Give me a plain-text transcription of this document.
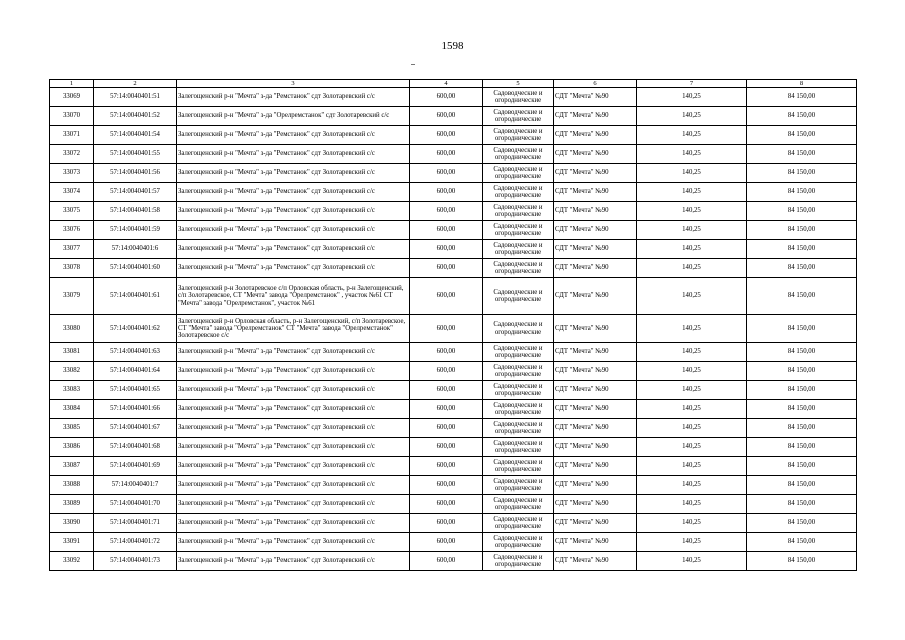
1598
1	2	3	4	5	6	7	8
33069	57:14:0040401:51	Залегощенский р-н "Мечта" з-да "Ремстанок" сдт Золотаревский с/с	600,00	Садоводческие и огороднические	СДТ "Мечта" №90	140,25	84 150,00
33070	57:14:0040401:52	Залегощенский р-н "Мечта" з-да "Орелремстанок" сдт Золотаревский с/с	600,00	Садоводческие и огороднические	СДТ "Мечта" №90	140,25	84 150,00
33071	57:14:0040401:54	Залегощенский р-н "Мечта" з-да "Ремстанок" сдт Золотаревский с/с	600,00	Садоводческие и огороднические	СДТ "Мечта" №90	140,25	84 150,00
33072	57:14:0040401:55	Залегощенский р-н "Мечта" з-да "Ремстанок" сдт Золотаревский с/с	600,00	Садоводческие и огороднические	СДТ "Мечта" №90	140,25	84 150,00
33073	57:14:0040401:56	Залегощенский р-н "Мечта" з-да "Ремстанок" сдт Золотаревский с/с	600,00	Садоводческие и огороднические	СДТ "Мечта" №90	140,25	84 150,00
33074	57:14:0040401:57	Залегощенский р-н "Мечта" з-да "Ремстанок" сдт Золотаревский с/с	600,00	Садоводческие и огороднические	СДТ "Мечта" №90	140,25	84 150,00
33075	57:14:0040401:58	Залегощенский р-н "Мечта" з-да "Ремстанок" сдт Золотаревский с/с	600,00	Садоводческие и огороднические	СДТ "Мечта" №90	140,25	84 150,00
33076	57:14:0040401:59	Залегощенский р-н "Мечта" з-да "Ремстанок" сдт Золотаревский с/с	600,00	Садоводческие и огороднические	СДТ "Мечта" №90	140,25	84 150,00
33077	57:14:0040401:6	Залегощенский р-н "Мечта" з-да "Ремстанок" сдт Золотаревский с/с	600,00	Садоводческие и огороднические	СДТ "Мечта" №90	140,25	84 150,00
33078	57:14:0040401:60	Залегощенский р-н "Мечта" з-да "Ремстанок" сдт Золотаревский с/с	600,00	Садоводческие и огороднические	СДТ "Мечта" №90	140,25	84 150,00
33079	57:14:0040401:61	Залегощенский р-н Золотаревское с/п Орловская область, р-н Залегощенский, с/п Золотаревское, СТ "Мечта" завода "Орелремстанок" , участок №61 СТ "Мечта" завода "Орелремстанок", участок №61	600,00	Садоводческие и огороднические	СДТ "Мечта" №90	140,25	84 150,00
33080	57:14:0040401:62	Залегощенский р-н Орловская область, р-н Залегощенский, с/п Золотаревское, СТ "Мечта" завода "Орелремстанок" СТ "Мечта" завода "Орелремстанок" Золотаревское с/с	600,00	Садоводческие и огороднические	СДТ "Мечта" №90	140,25	84 150,00
33081	57:14:0040401:63	Залегощенский р-н "Мечта" з-да "Ремстанок" сдт Золотаревский с/с	600,00	Садоводческие и огороднические	СДТ "Мечта" №90	140,25	84 150,00
33082	57:14:0040401:64	Залегощенский р-н "Мечта" з-да "Ремстанок" сдт Золотаревский с/с	600,00	Садоводческие и огороднические	СДТ "Мечта" №90	140,25	84 150,00
33083	57:14:0040401:65	Залегощенский р-н "Мечта" з-да "Ремстанок" сдт Золотаревский с/с	600,00	Садоводческие и огороднические	СДТ "Мечта" №90	140,25	84 150,00
33084	57:14:0040401:66	Залегощенский р-н "Мечта" з-да "Ремстанок" сдт Золотаревский с/с	600,00	Садоводческие и огороднические	СДТ "Мечта" №90	140,25	84 150,00
33085	57:14:0040401:67	Залегощенский р-н "Мечта" з-да "Ремстанок" сдт Золотаревский с/с	600,00	Садоводческие и огороднические	СДТ "Мечта" №90	140,25	84 150,00
33086	57:14:0040401:68	Залегощенский р-н "Мечта" з-да "Ремстанок" сдт Золотаревский с/с	600,00	Садоводческие и огороднические	СДТ "Мечта" №90	140,25	84 150,00
33087	57:14:0040401:69	Залегощенский р-н "Мечта" з-да "Ремстанок" сдт Золотаревский с/с	600,00	Садоводческие и огороднические	СДТ "Мечта" №90	140,25	84 150,00
33088	57:14:0040401:7	Залегощенский р-н "Мечта" з-да "Ремстанок" сдт Золотаревский с/с	600,00	Садоводческие и огороднические	СДТ "Мечта" №90	140,25	84 150,00
33089	57:14:0040401:70	Залегощенский р-н "Мечта" з-да "Ремстанок" сдт Золотаревский с/с	600,00	Садоводческие и огороднические	СДТ "Мечта" №90	140,25	84 150,00
33090	57:14:0040401:71	Залегощенский р-н "Мечта" з-да "Ремстанок" сдт Золотаревский с/с	600,00	Садоводческие и огороднические	СДТ "Мечта" №90	140,25	84 150,00
33091	57:14:0040401:72	Залегощенский р-н "Мечта" з-да "Ремстанок" сдт Золотаревский с/с	600,00	Садоводческие и огороднические	СДТ "Мечта" №90	140,25	84 150,00
33092	57:14:0040401:73	Залегощенский р-н "Мечта" з-да "Ремстанок" сдт Золотаревский с/с	600,00	Садоводческие и огороднические	СДТ "Мечта" №90	140,25	84 150,00
